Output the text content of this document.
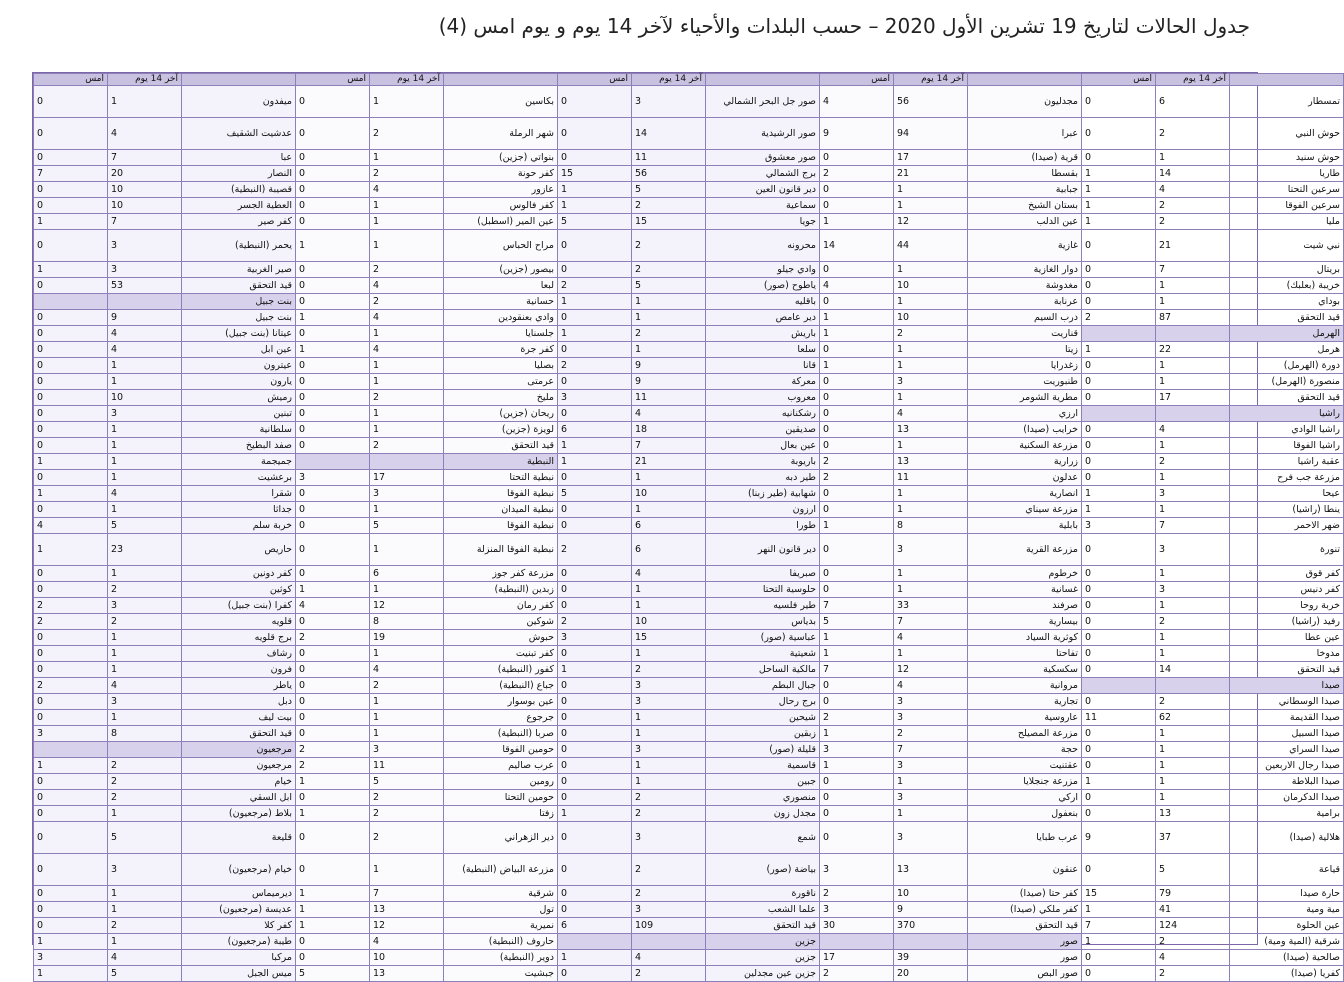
جدول الحالات لتاريخ 19 تشرين الأول 2020 – حسب البلدات والأحياء لآخر 14 يوم و يوم امس (4)
	آخر 14 يوم	امس		آخر 14 يوم	امس		آخر 14 يوم	امس		آخر 14 يوم	امس		آخر 14 يوم	امس
تمسطار	6	0	مجدليون	56	4	صور جل البحر الشمالي	3	0	بكاسين	1	0	ميفدون	1	0
حوش النبي	2	0	عبرا	94	9	صور الرشيدية	14	0	شهر الرملة	2	0	عدشيت الشقيف	4	0
حوش سنيد	1	0	قرية (صيدا)	17	0	صور معشوق	11	0	بنواتي (جزين)	1	0	عبا	7	0
طاريا	14	1	بقسطا	21	2	برج الشمالي	56	15	كفر حونة	2	0	النصار	20	7
سرعين التحتا	4	1	جبابية	1	0	دير قانون العين	5	1	عازور	4	0	قصيبة (النبطية)	10	0
سرعين الفوقا	2	1	بستان الشيخ	1	0	سماعية	2	1	كفر فالوس	1	0	العطية الجسر	10	0
مليا	2	1	عين الدلب	12	1	جويا	15	5	عين المير (اسطبل)	1	0	كفر صير	7	1
نبي شيت	21	0	غازية	44	14	محرونه	2	0	مراح الحباس	1	1	يحمر (النبطية)	3	0
بريتال	7	0	دوار الغازية	1	0	وادي جيلو	2	0	بيصور (جزين)	2	0	صير الغربية	3	1
خريبة (بعلبك)	1	0	مغدوشة	10	4	ياطوح (صور)	5	2	لبعا	4	0	قيد التحقق	53	0
بوداي	1	0	عرنابة	1	0	باقليه	1	1	حسانية	2	0	بنت جبيل		
قيد التحقق	87	2	درب السيم	10	1	دير عامص	1	0	وادي بعنقودين	4	1	بنت جبيل	9	0
الهرمل			قناريت	2	1	باريش	2	1	جلسنايا	1	0	عيتانا (بنت جبيل)	4	0
هرمل	22	1	زيتا	1	0	سلعا	1	0	كفر جرة	4	1	عين ابل	4	0
دورة (الهرمل)	1	0	زغدرايا	1	1	قانا	9	2	بصليا	1	0	عيترون	1	0
منصورة (الهرمل)	1	0	طنبوريت	3	0	معركة	9	0	عرمتى	1	0	يارون	1	0
قيد التحقق	17	0	مطرية الشومر	1	0	معروب	11	3	مليخ	2	0	رميش	10	0
راشيا			ارزي	4	0	رشكنانيه	4	0	ريحان (جزين)	1	0	تبنين	3	0
راشيا الوادي	4	0	خرايب (صيدا)	13	0	صديقين	18	6	لويزة (جزين)	1	0	سلطانية	1	0
راشيا الفوقا	1	0	مزرعة السكنية	1	0	عين بعال	7	1	قيد التحقق	2	0	صفد البطيخ	1	0
عقبة راشيا	2	0	زرارية	13	2	باريوبة	21	1	النبطية			جميجمة	1	1
مزرعة جب فرح	1	0	عدلون	11	2	طير دبه	1	0	نبطية التحتا	17	3	برعشيت	1	0
عيحا	3	1	انصارية	1	0	شهابية (طير زبنا)	10	5	نبطية الفوقا	3	0	شقرا	4	1
ينطا (راشيا)	1	1	مزرعة سيناي	1	0	ارزون	1	0	نبطية الميدان	1	0	جداثا	1	0
ضهر الاحمر	7	3	بابلية	8	1	طورا	6	0	نبطية الفوقا	5	0	خربة سلم	5	4
تنورة	3	0	مزرعة القرية	3	0	دير قانون النهر	6	2	نبطية الفوقا المنزلة	1	0	حاريص	23	1
كفر قوق	1	0	خرطوم	1	0	صبريفا	4	0	مزرعة كفر جوز	6	0	كفر دونين	1	0
كفر دنيس	3	0	غسانية	1	0	حلوسية التحتا	1	0	زبدين (النبطية)	1	1	كوثين	2	0
خربة روحا	1	0	صرفند	33	7	طير فلسيه	1	0	كفر رمان	12	4	كفرا (بنت جبيل)	3	2
رفيد (راشيا)	2	0	بيسارية	7	5	بدياس	10	2	شوكين	8	0	قلويه	2	2
عين عطا	1	0	كوثرية السياد	4	1	عباسية (صور)	15	3	حبوش	19	2	برج قلويه	1	0
مدوخا	1	0	تفاحتا	1	1	شعيتية	1	0	كفر تبنيت	1	0	رشاف	1	0
قيد التحقق	14	0	سكسكية	12	7	مالكية الساحل	2	1	كفور (النبطية)	4	0	فرون	1	0
صيدا			مروانية	4	0	جبال البطم	3	0	جباع (النبطية)	2	0	ياطر	4	2
صيدا الوسطاني	2	0	تجارية	3	0	برج رحال	3	0	عين بوسوار	1	0	دبل	3	0
صيدا القديمة	62	11	عاروسية	3	2	شيحين	1	0	جرجوع	1	0	بيت ليف	1	0
صيدا السبيل	1	0	مزرعة المصيلح	2	1	زبقين	1	0	صربا (النبطية)	1	0	قيد التحقق	8	3
صيدا السراي	1	0	حجة	7	3	قليلة (صور)	3	0	حومين الفوقا	3	2	مرجعيون		
صيدا رجال الاربعين	1	0	عقتنيت	3	1	قاسمية	1	0	عرب صاليم	11	2	مرجعيون	2	1
صيدا البلاطة	1	1	مزرعة جنجلايا	1	0	جبين	1	0	رومين	5	1	خيام	2	0
صيدا الدكرمان	1	0	اركي	3	0	منصوري	2	0	حومين التحتا	2	0	ابل السقي	2	0
برامية	13	0	بنعفول	1	0	مجدل زون	2	1	زفتا	2	1	بلاط (مرجعيون)	1	0
هلالية (صيدا)	37	9	عرب طبايا	3	0	شمع	3	0	دير الزهراني	2	0	قليعة	5	0
قياعة	5	0	عنقون	13	3	بياضة (صور)	2	0	مزرعة البياض (النبطية)	1	0	خيام (مرجعيون)	3	0
حارة صيدا	79	15	كفر حتا (صيدا)	10	2	ناقورة	2	0	شرقية	7	1	ديرميماس	1	0
مية ومية	41	1	كفر ملكي (صيدا)	9	3	علما الشعب	3	0	تول	13	1	عديسة (مرجعيون)	1	0
عين الحلوة	124	7	قيد التحقق	370	30	قيد التحقق	109	6	نميرية	12	1	كفر كلا	2	0
شرقية (المية ومية)	2	1	صور			جزين			حاروف (النبطية)	4	0	طيبة (مرجعيون)	1	1
صالحية (صيدا)	4	0	صور	39	17	جزين	4	1	دوير (النبطية)	10	0	مركبا	4	3
كفريا (صيدا)	2	0	صور البص	20	2	جزين عين مجدلين	2	0	جبشيت	13	5	ميس الجبل	5	1
